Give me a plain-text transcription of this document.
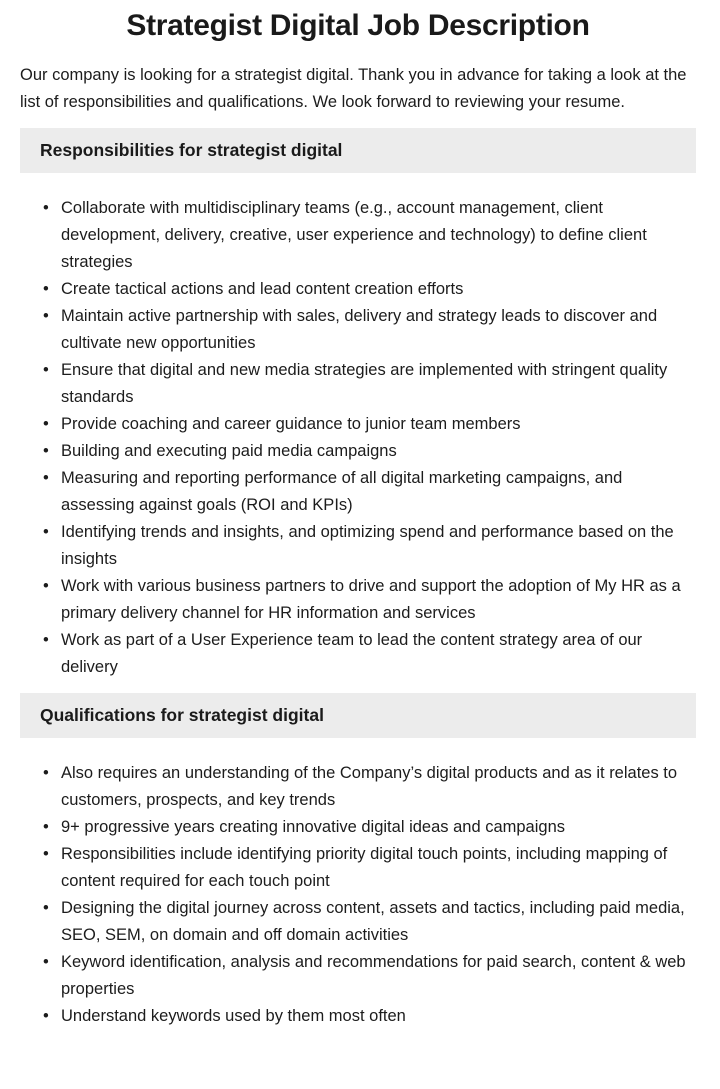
Strategist Digital Job Description

Our company is looking for a strategist digital. Thank you in advance for taking a look at the list of responsibilities and qualifications. We look forward to reviewing your resume.

Responsibilities for strategist digital
• Collaborate with multidisciplinary teams (e.g., account management, client development, delivery, creative, user experience and technology) to define client strategies
• Create tactical actions and lead content creation efforts
• Maintain active partnership with sales, delivery and strategy leads to discover and cultivate new opportunities
• Ensure that digital and new media strategies are implemented with stringent quality standards
• Provide coaching and career guidance to junior team members
• Building and executing paid media campaigns
• Measuring and reporting performance of all digital marketing campaigns, and assessing against goals (ROI and KPIs)
• Identifying trends and insights, and optimizing spend and performance based on the insights
• Work with various business partners to drive and support the adoption of My HR as a primary delivery channel for HR information and services
• Work as part of a User Experience team to lead the content strategy area of our delivery
Qualifications for strategist digital
• Also requires an understanding of the Company’s digital products and as it relates to customers, prospects, and key trends
• 9+ progressive years creating innovative digital ideas and campaigns
• Responsibilities include identifying priority digital touch points, including mapping of content required for each touch point
• Designing the digital journey across content, assets and tactics, including paid media, SEO, SEM, on domain and off domain activities
• Keyword identification, analysis and recommendations for paid search, content & web properties
• Understand keywords used by them most often
